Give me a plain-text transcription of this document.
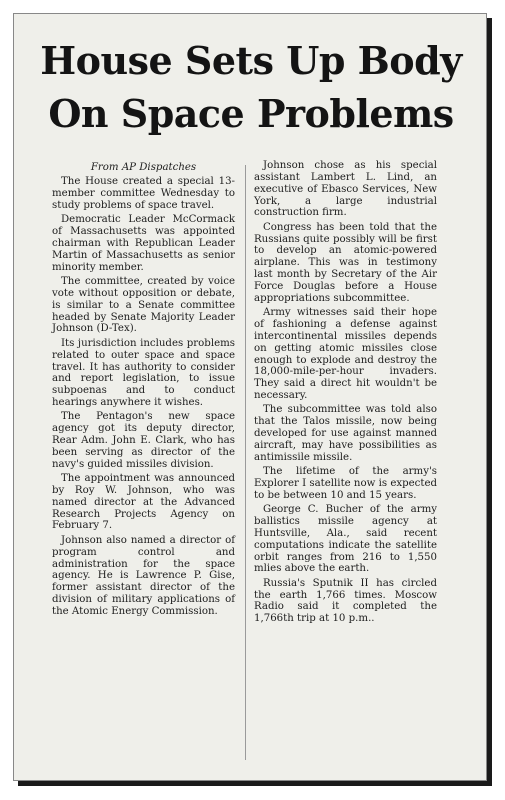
House Sets Up Body
On Space Problems

From AP Dispatches

The House created a special 13-member committee Wednesday to study problems of space travel.

Democratic Leader McCormack of Massachusetts was appointed chairman with Republican Leader Martin of Massachusetts as senior minority member.

The committee, created by voice vote without opposition or debate, is similar to a Senate committee headed by Senate Majority Leader Johnson (D-Tex).

Its jurisdiction includes problems related to outer space and space travel. It has authority to consider and report legislation, to issue subpoenas and to conduct hearings anywhere it wishes.

The Pentagon's new space agency got its deputy director, Rear Adm. John E. Clark, who has been serving as director of the navy's guided missiles division.

The appointment was announced by Roy W. Johnson, who was named director at the Advanced Research Projects Agency on February 7.

Johnson also named a director of program control and administration for the space agency. He is Lawrence P. Gise, former assistant director of the division of military applications of the Atomic Energy Commission.

Johnson chose as his special assistant Lambert L. Lind, an executive of Ebasco Services, New York, a large industrial construction firm.

Congress has been told that the Russians quite possibly will be first to develop an atomic-powered airplane. This was in testimony last month by Secretary of the Air Force Douglas before a House appropriations subcommittee.

Army witnesses said their hope of fashioning a defense against intercontinental missiles depends on getting atomic missiles close enough to explode and destroy the 18,000-mile-per-hour invaders. They said a direct hit wouldn't be necessary.

The subcommittee was told also that the Talos missile, now being developed for use against manned aircraft, may have possibilities as antimissile missile.

The lifetime of the army's Explorer I satellite now is expected to be between 10 and 15 years.

George C. Bucher of the army ballistics missile agency at Huntsville, Ala., said recent computations indicate the satellite orbit ranges from 216 to 1,550 mlies above the earth.

Russia's Sputnik II has circled the earth 1,766 times. Moscow Radio said it completed the 1,766th trip at 10 p.m..
